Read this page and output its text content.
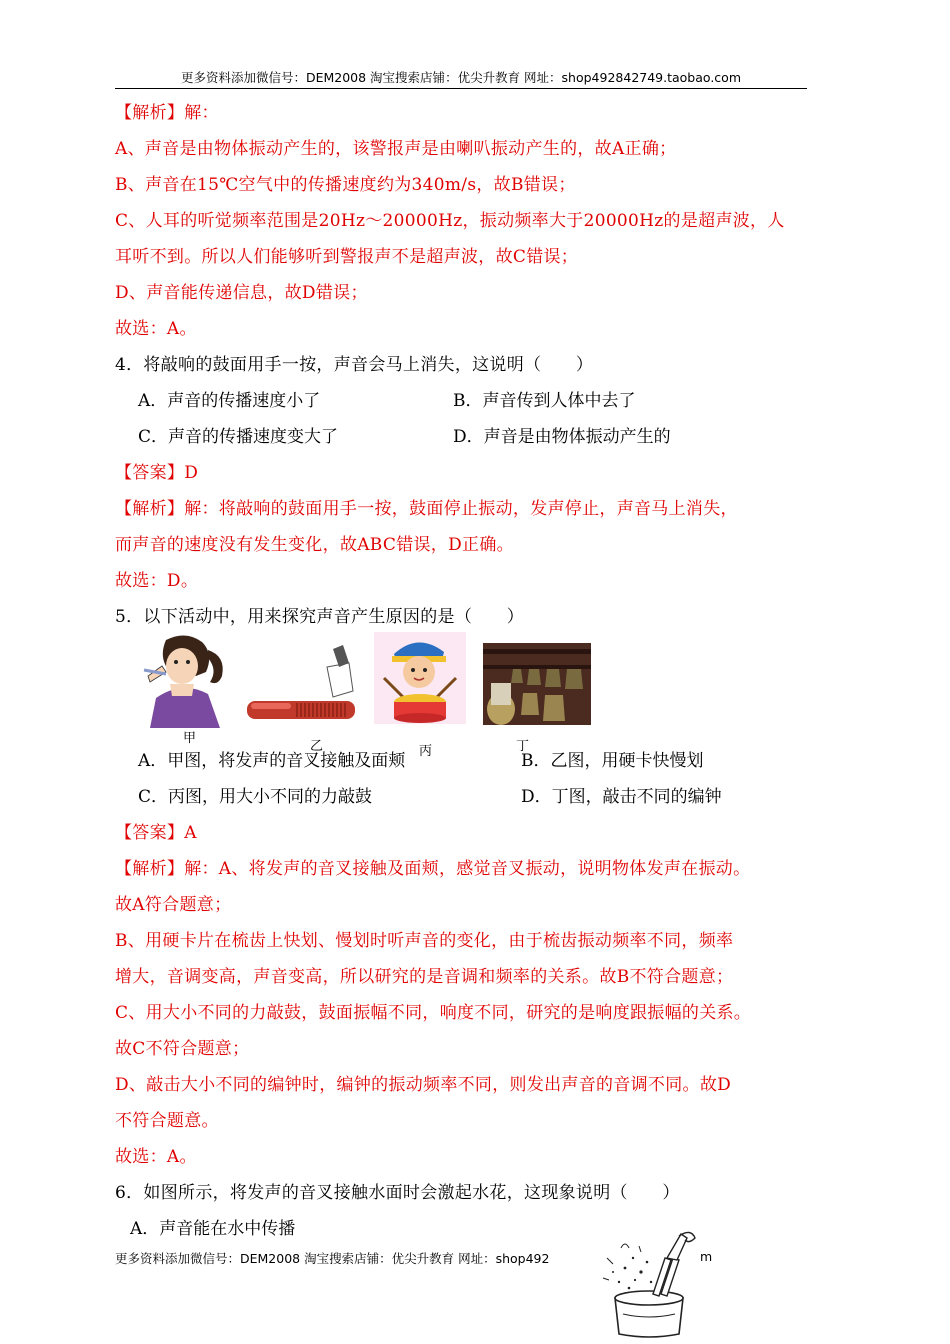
更多资料添加微信号：DEM2008 淘宝搜索店铺：优尖升教育 网址：shop492842749.taobao.com
【解析】解：
A、声音是由物体振动产生的，该警报声是由喇叭振动产生的，故A正确；
B、声音在15℃空气中的传播速度约为340m/s，故B错误；
C、人耳的听觉频率范围是20Hz～20000Hz，振动频率大于20000Hz的是超声波，人
耳听不到。所以人们能够听到警报声不是超声波，故C错误；
D、声音能传递信息，故D错误；
故选：A。
4．将敲响的鼓面用手一按，声音会马上消失，这说明（　　）
A．声音的传播速度小了	B．声音传到人体中去了
C．声音的传播速度变大了	D．声音是由物体振动产生的
【答案】D
【解析】解：将敲响的鼓面用手一按，鼓面停止振动，发声停止，声音马上消失，
而声音的速度没有发生变化，故ABC错误，D正确。
故选：D。
5．以下活动中，用来探究声音产生原因的是（　　）
甲
乙	丙	丁
A．甲图，将发声的音叉接触及面颊	B．乙图，用硬卡快慢划
C．丙图，用大小不同的力敲鼓	D．丁图，敲击不同的编钟
【答案】A
【解析】解：A、将发声的音叉接触及面颊，感觉音叉振动，说明物体发声在振动。
故A符合题意；
B、用硬卡片在梳齿上快划、慢划时听声音的变化，由于梳齿振动频率不同，频率
增大，音调变高，声音变高，所以研究的是音调和频率的关系。故B不符合题意；
C、用大小不同的力敲鼓，鼓面振幅不同，响度不同，研究的是响度跟振幅的关系。
故C不符合题意；
D、敲击大小不同的编钟时，编钟的振动频率不同，则发出声音的音调不同。故D
不符合题意。
故选：A。
6．如图所示，将发声的音叉接触水面时会激起水花，这现象说明（　　）
A．声音能在水中传播
更多资料添加微信号：DEM2008 淘宝搜索店铺：优尖升教育 网址：shop492	m
